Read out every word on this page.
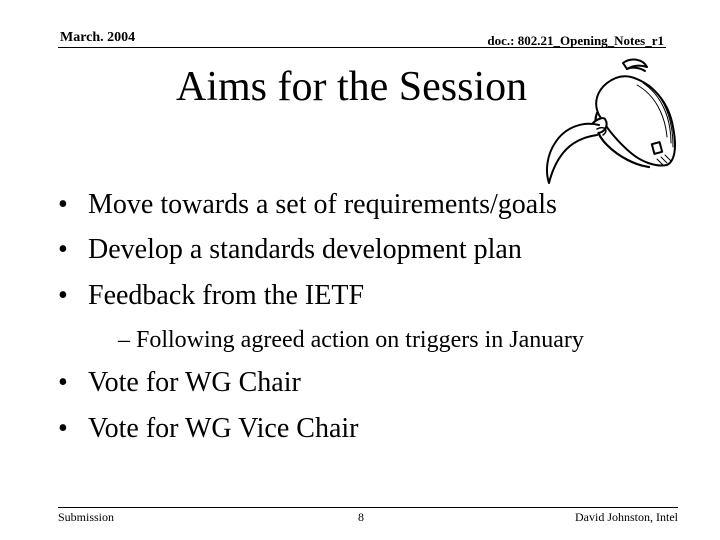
March. 2004	doc.: 802.21_Opening_Notes_r1
Aims for the Session
• Move towards a set of requirements/goals
• Develop a standards development plan
• Feedback from the IETF
– Following agreed action on triggers in January
• Vote for WG Chair
• Vote for WG Vice Chair
Submission	8	David Johnston, Intel
